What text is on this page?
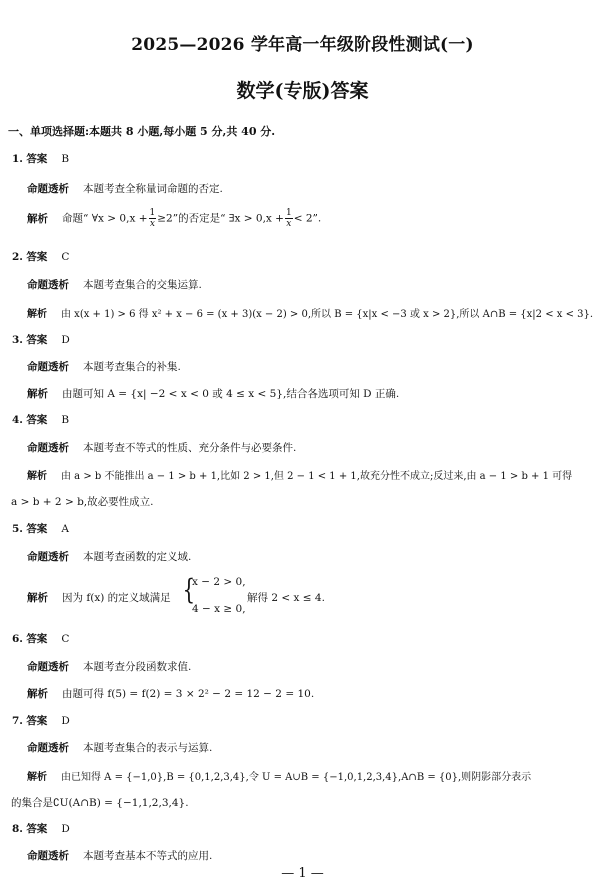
2025—2026 学年高一年级阶段性测试(一)
数学(专版)答案
一、单项选择题:本题共 8 小题,每小题 5 分,共 40 分.
1. 答案 B
命题透析 本题考查全称量词命题的否定.
解析 命题“ ∀x > $0,x + \frac{1}{x} \ge 2$”的否定是“ ∃x > $0,x + \frac{1}{x} < 2$”.
2. 答案 C
命题透析 本题考查集合的交集运算.
解析 由 x(x + 1) > 6 得 x² + x − 6 = (x + 3)(x − 2) > 0,所以 B = {x|x < −3 或 x > 2},所以 A∩B = {x|2 < x < 3}.
3. 答案 D
命题透析 本题考查集合的补集.
解析 由题可知 A = {x| −2 < x < 0 或 4 ≤ x < 5},结合各选项可知 D 正确.
4. 答案 B
命题透析 本题考查不等式的性质、充分条件与必要条件.
解析 由 a > b 不能推出 a − 1 > b + 1,比如 2 > 1,但 2 − 1 < 1 + 1,故充分性不成立;反过来,由 a − 1 > b + 1 可得
a > b + 2 > b,故必要性成立.
5. 答案 A
命题透析 本题考查函数的定义域.
解析 因为 f(x) 的定义域满足 {
x − 2 > 0,
4 − x ≥ 0,
解得 2 < x ≤ 4.
6. 答案 C
命题透析 本题考查分段函数求值.
解析 由题可得 f(5) = f(2) = 3 × 2² − 2 = 12 − 2 = 10.
7. 答案 D
命题透析 本题考查集合的表示与运算.
解析 由已知得 A = {−1,0},B = {0,1,2,3,4},令 U = A∪B = {−1,0,1,2,3,4},A∩B = {0},则阴影部分表示
的集合是∁U(A∩B) = {−1,1,2,3,4}.
8. 答案 D
命题透析 本题考查基本不等式的应用.
— 1 —
